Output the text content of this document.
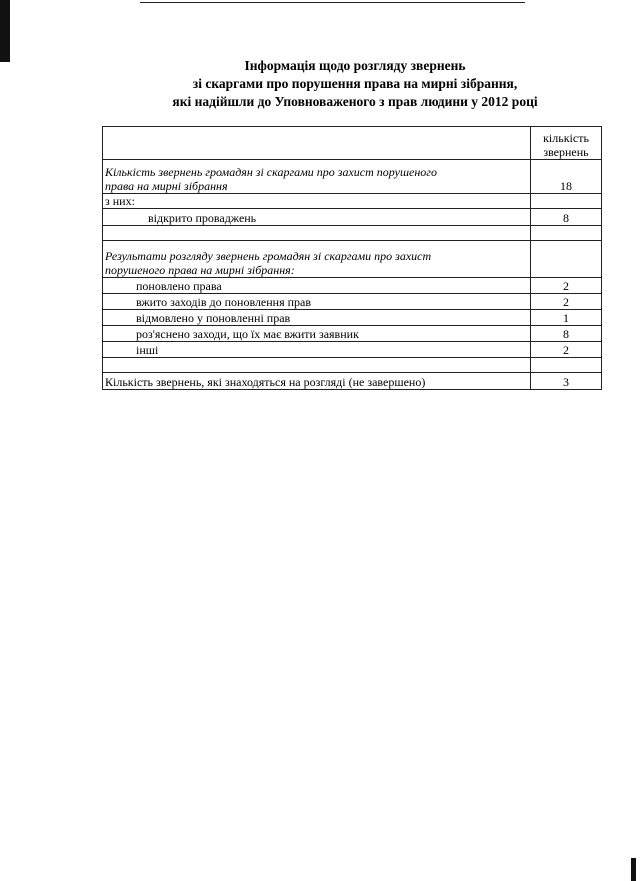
Інформація щодо розгляду звернень
зі скаргами про порушення права на мирні зібрання,
які надійшли до Уповноваженого з прав людини у 2012 році

	кількість
звернень

Кількість звернень громадян зі скаргами про захист порушеного
права на мирні зібрання	18
з них:	
відкрито проваджень	8

Результати розгляду звернень громадян зі скаргами про захист
порушеного права на мирні зібрання:	

поновлено права	2
вжито заходів до поновлення прав	2
відмовлено у поновленні прав	1
роз'яснено заходи, що їх має вжити заявник	8
інші	2

Кількість звернень, які знаходяться на розгляді (не завершено)	3
